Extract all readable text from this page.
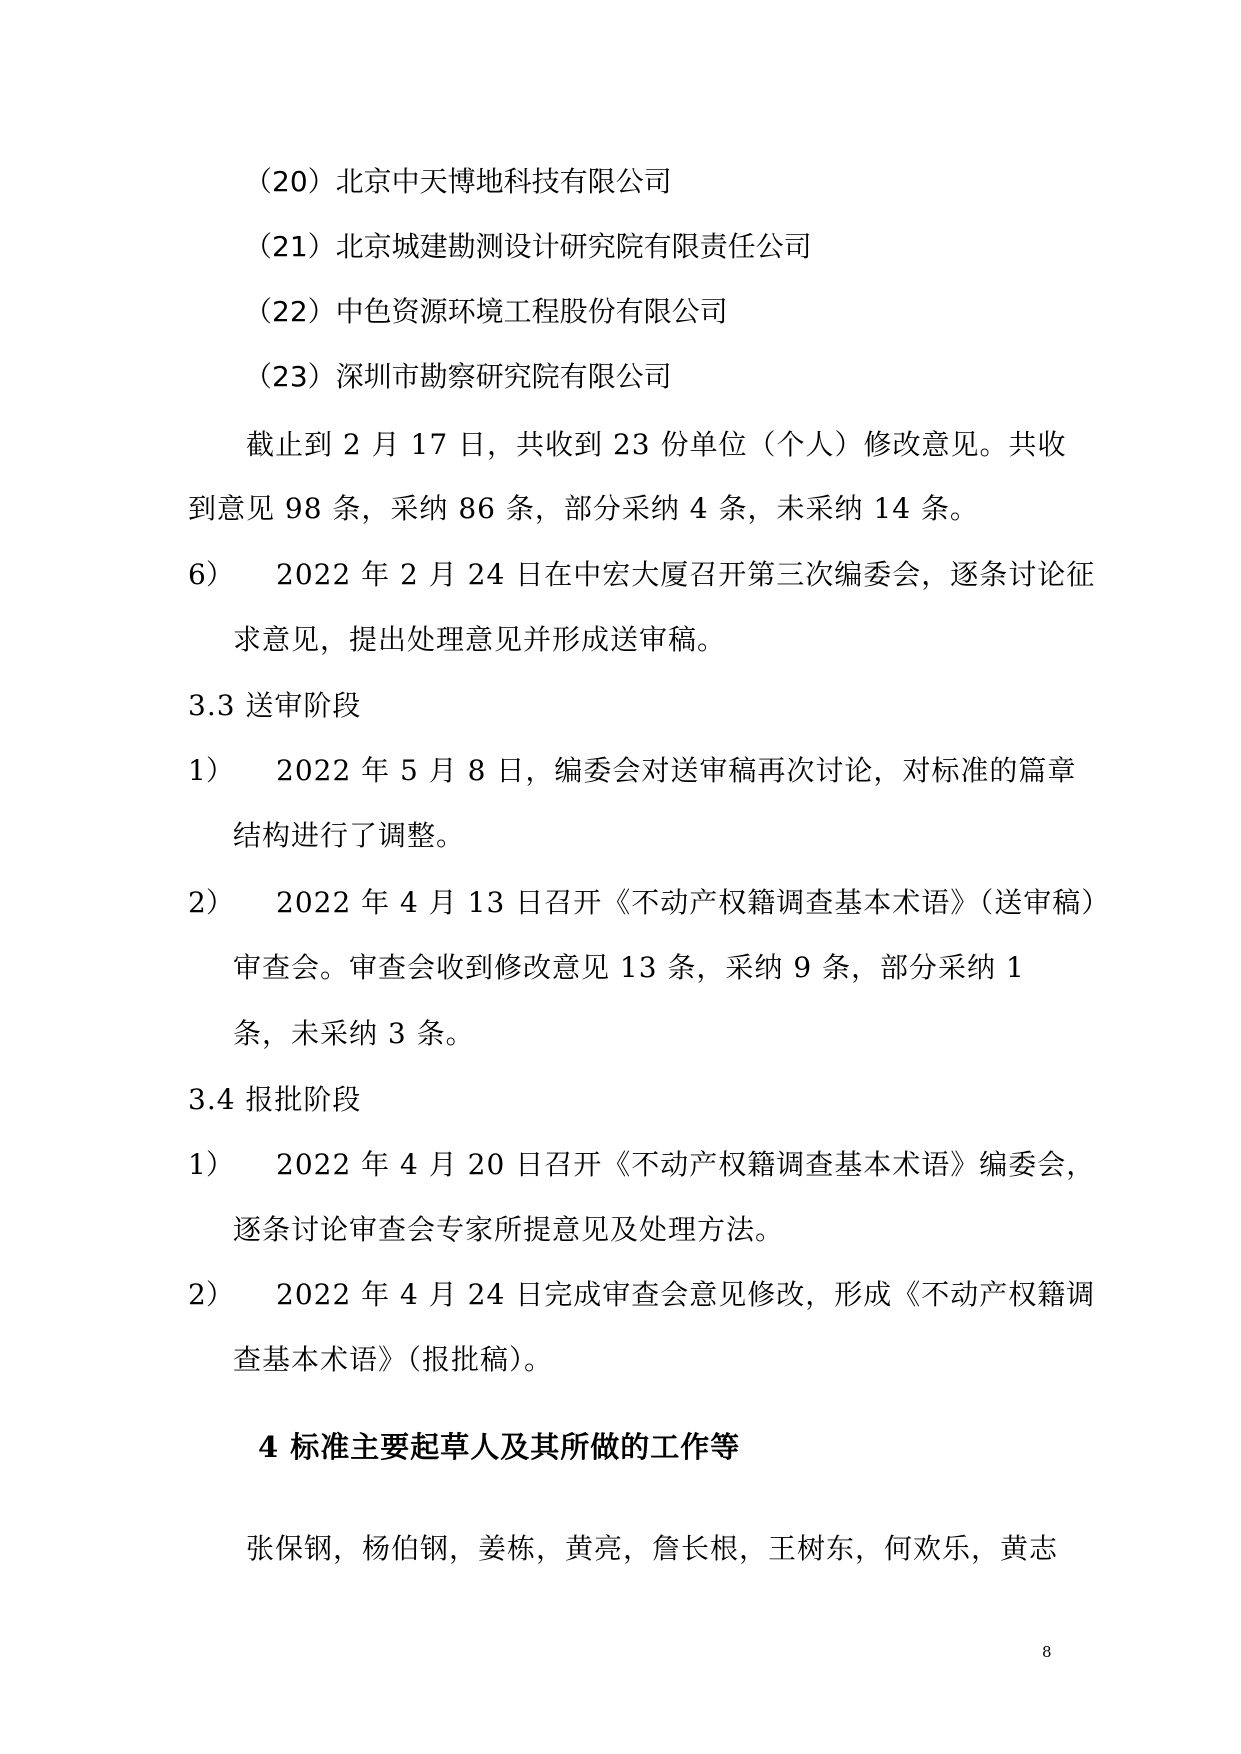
（20）北京中天博地科技有限公司
（21）北京城建勘测设计研究院有限责任公司
（22）中色资源环境工程股份有限公司
（23）深圳市勘察研究院有限公司
截止到 2 月 17 日，共收到 23 份单位（个人）修改意见。共收
到意见 98 条，采纳 86 条，部分采纳 4 条，未采纳 14 条。
6） 2022 年 2 月 24 日在中宏大厦召开第三次编委会，逐条讨论征
求意见，提出处理意见并形成送审稿。
3.3 送审阶段
1） 2022 年 5 月 8 日，编委会对送审稿再次讨论，对标准的篇章
结构进行了调整。
2） 2022 年 4 月 13 日召开《不动产权籍调查基本术语》（送审稿）
审查会。审查会收到修改意见 13 条，采纳 9 条，部分采纳 1
条，未采纳 3 条。
3.4 报批阶段
1） 2022 年 4 月 20 日召开《不动产权籍调查基本术语》编委会，
逐条讨论审查会专家所提意见及处理方法。
2） 2022 年 4 月 24 日完成审查会意见修改，形成《不动产权籍调
查基本术语》（报批稿）。
4 标准主要起草人及其所做的工作等
张保钢，杨伯钢，姜栋，黄亮，詹长根，王树东，何欢乐，黄志
8
